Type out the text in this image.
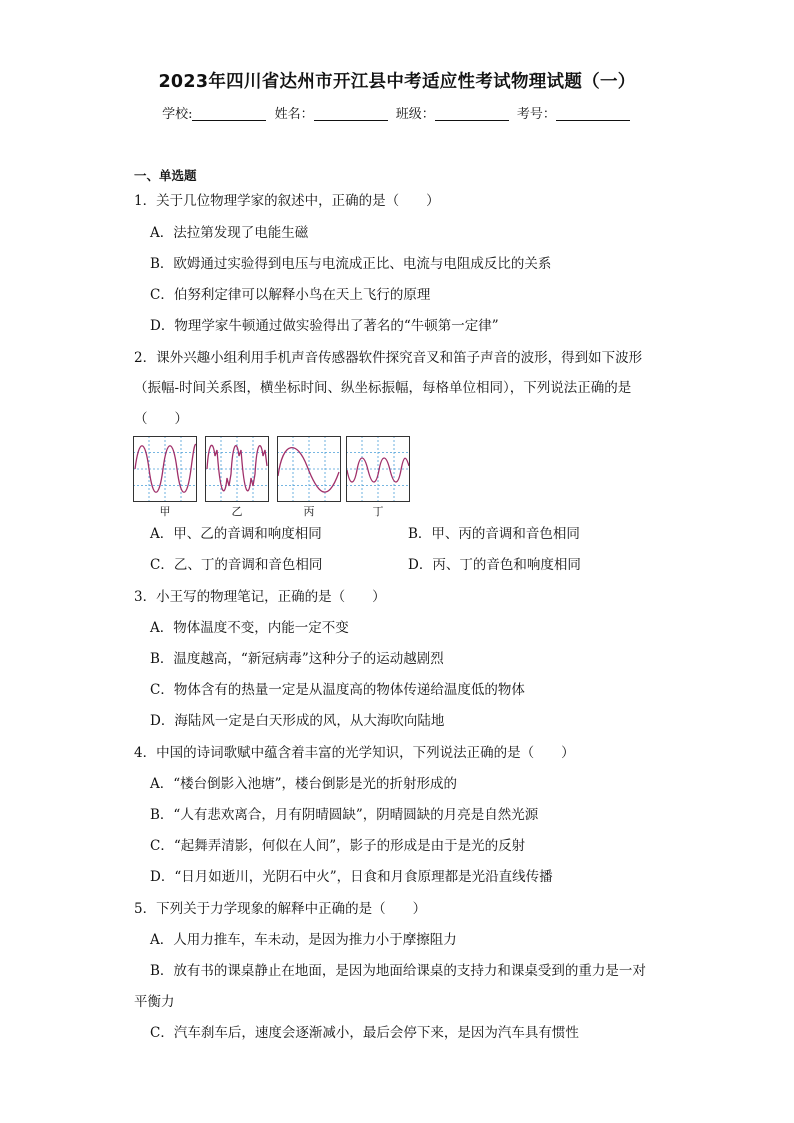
2023年四川省达州市开江县中考适应性考试物理试题（一）
学校:	姓名：	班级：	考号：
一、单选题
1．关于几位物理学家的叙述中，正确的是（　　）
A．法拉第发现了电能生磁
B．欧姆通过实验得到电压与电流成正比、电流与电阻成反比的关系
C．伯努利定律可以解释小鸟在天上飞行的原理
D．物理学家牛顿通过做实验得出了著名的“牛顿第一定律”
2．课外兴趣小组利用手机声音传感器软件探究音叉和笛子声音的波形，得到如下波形
（振幅-时间关系图，横坐标时间、纵坐标振幅，每格单位相同），下列说法正确的是
（　　）
甲	乙	丙	丁
A．甲、乙的音调和响度相同	B．甲、丙的音调和音色相同
C．乙、丁的音调和音色相同	D．丙、丁的音色和响度相同
3．小王写的物理笔记，正确的是（　　）
A．物体温度不变，内能一定不变
B．温度越高，“新冠病毒”这种分子的运动越剧烈
C．物体含有的热量一定是从温度高的物体传递给温度低的物体
D．海陆风一定是白天形成的风，从大海吹向陆地
4．中国的诗词歌赋中蕴含着丰富的光学知识，下列说法正确的是（　　）
A．“楼台倒影入池塘”，楼台倒影是光的折射形成的
B．“人有悲欢离合，月有阴晴圆缺”，阴晴圆缺的月亮是自然光源
C．“起舞弄清影，何似在人间”，影子的形成是由于是光的反射
D．“日月如逝川，光阴石中火”，日食和月食原理都是光沿直线传播
5．下列关于力学现象的解释中正确的是（　　）
A．人用力推车，车未动，是因为推力小于摩擦阻力
B．放有书的课桌静止在地面，是因为地面给课桌的支持力和课桌受到的重力是一对
平衡力
C．汽车刹车后，速度会逐渐减小，最后会停下来，是因为汽车具有惯性
